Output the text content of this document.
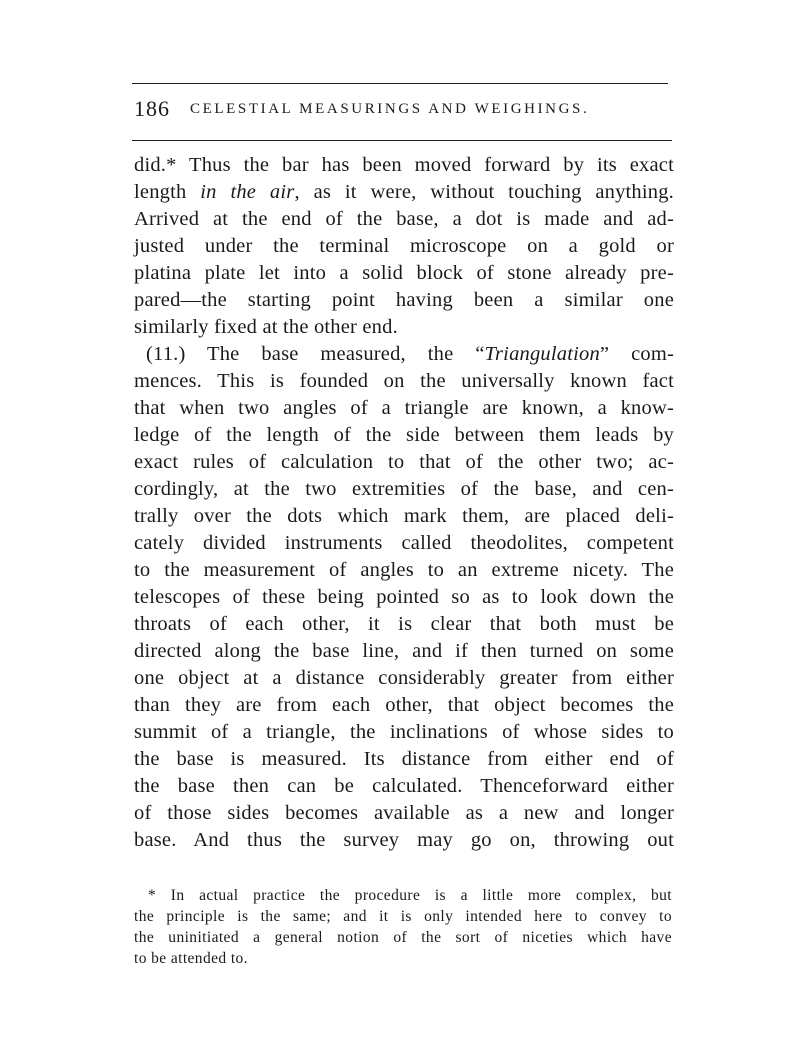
186 CELESTIAL MEASURINGS AND WEIGHINGS.
did.* Thus the bar has been moved forward by its exact
length in the air, as it were, without touching anything.
Arrived at the end of the base, a dot is made and ad-
justed under the terminal microscope on a gold or
platina plate let into a solid block of stone already pre-
pared—the starting point having been a similar one
similarly fixed at the other end.
(11.) The base measured, the “Triangulation” com-
mences. This is founded on the universally known fact
that when two angles of a triangle are known, a know-
ledge of the length of the side between them leads by
exact rules of calculation to that of the other two; ac-
cordingly, at the two extremities of the base, and cen-
trally over the dots which mark them, are placed deli-
cately divided instruments called theodolites, competent
to the measurement of angles to an extreme nicety. The
telescopes of these being pointed so as to look down the
throats of each other, it is clear that both must be
directed along the base line, and if then turned on some
one object at a distance considerably greater from either
than they are from each other, that object becomes the
summit of a triangle, the inclinations of whose sides to
the base is measured. Its distance from either end of
the base then can be calculated. Thenceforward either
of those sides becomes available as a new and longer
base. And thus the survey may go on, throwing out
* In actual practice the procedure is a little more complex, but
the principle is the same; and it is only intended here to convey to
the uninitiated a general notion of the sort of niceties which have
to be attended to.
